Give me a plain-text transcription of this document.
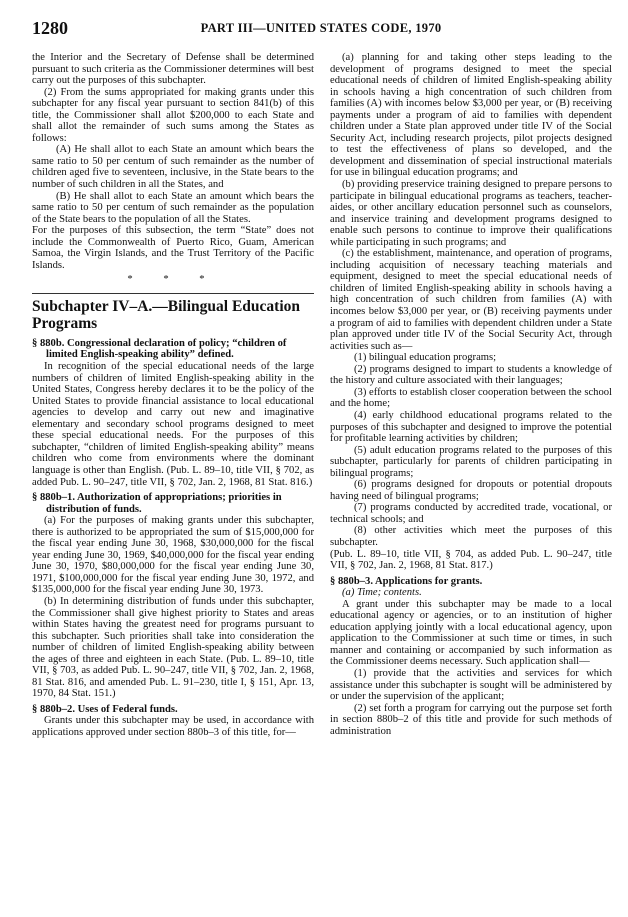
1280	PART III—UNITED STATES CODE, 1970

the Interior and the Secretary of Defense shall be determined pursuant to such criteria as the Commissioner determines will best carry out the purposes of this subchapter.

(2) From the sums appropriated for making grants under this subchapter for any fiscal year pursuant to section 841(b) of this title, the Commissioner shall allot $200,000 to each State and shall allot the remainder of such sums among the States as follows:

(A) He shall allot to each State an amount which bears the same ratio to 50 per centum of such remainder as the number of children aged five to seventeen, inclusive, in the State bears to the number of such children in all the States, and

(B) He shall allot to each State an amount which bears the same ratio to 50 per centum of such remainder as the population of the State bears to the population of all the States.

For the purposes of this subsection, the term “State” does not include the Commonwealth of Puerto Rico, Guam, American Samoa, the Virgin Islands, and the Trust Territory of the Pacific Islands.

* * *

Subchapter IV–A.—Bilingual Education Programs

§ 880b. Congressional declaration of policy; “children of limited English-speaking ability” defined.

In recognition of the special educational needs of the large numbers of children of limited English-speaking ability in the United States, Congress hereby declares it to be the policy of the United States to provide financial assistance to local educational agencies to develop and carry out new and imaginative elementary and secondary school programs designed to meet these special educational needs. For the purposes of this subchapter, “children of limited English-speaking ability” means children who come from environments where the dominant language is other than English. (Pub. L. 89–10, title VII, § 702, as added Pub. L. 90–247, title VII, § 702, Jan. 2, 1968, 81 Stat. 816.)

§ 880b–1. Authorization of appropriations; priorities in distribution of funds.

(a) For the purposes of making grants under this subchapter, there is authorized to be appropriated the sum of $15,000,000 for the fiscal year ending June 30, 1968, $30,000,000 for the fiscal year ending June 30, 1969, $40,000,000 for the fiscal year ending June 30, 1970, $80,000,000 for the fiscal year ending June 30, 1971, $100,000,000 for the fiscal year ending June 30, 1972, and $135,000,000 for the fiscal year ending June 30, 1973.

(b) In determining distribution of funds under this subchapter, the Commissioner shall give highest priority to States and areas within States having the greatest need for programs pursuant to this subchapter. Such priorities shall take into consideration the number of children of limited English-speaking ability between the ages of three and eighteen in each State. (Pub. L. 89–10, title VII, § 703, as added Pub. L. 90–247, title VII, § 702, Jan. 2, 1968, 81 Stat. 816, and amended Pub. L. 91–230, title I, § 151, Apr. 13, 1970, 84 Stat. 151.)

§ 880b–2. Uses of Federal funds.

Grants under this subchapter may be used, in accordance with applications approved under section 880b–3 of this title, for—

(a) planning for and taking other steps leading to the development of programs designed to meet the special educational needs of children of limited English-speaking ability in schools having a high concentration of such children from families (A) with incomes below $3,000 per year, or (B) receiving payments under a program of aid to families with dependent children under a State plan approved under title IV of the Social Security Act, including research projects, pilot projects designed to test the effectiveness of plans so developed, and the development and dissemination of special instructional materials for use in bilingual education programs; and

(b) providing preservice training designed to prepare persons to participate in bilingual educational programs as teachers, teacher-aides, or other ancillary education personnel such as counselors, and inservice training and development programs designed to enable such persons to continue to improve their qualifications while participating in such programs; and

(c) the establishment, maintenance, and operation of programs, including acquisition of necessary teaching materials and equipment, designed to meet the special educational needs of children of limited English-speaking ability in schools having a high concentration of such children from families (A) with incomes below $3,000 per year, or (B) receiving payments under a program of aid to families with dependent children under a State plan approved under title IV of the Social Security Act, through activities such as—

(1) bilingual education programs;

(2) programs designed to impart to students a knowledge of the history and culture associated with their languages;

(3) efforts to establish closer cooperation between the school and the home;

(4) early childhood educational programs related to the purposes of this subchapter and designed to improve the potential for profitable learning activities by children;

(5) adult education programs related to the purposes of this subchapter, particularly for parents of children participating in bilingual programs;

(6) programs designed for dropouts or potential dropouts having need of bilingual programs;

(7) programs conducted by accredited trade, vocational, or technical schools; and

(8) other activities which meet the purposes of this subchapter.

(Pub. L. 89–10, title VII, § 704, as added Pub. L. 90–247, title VII, § 702, Jan. 2, 1968, 81 Stat. 817.)

§ 880b–3. Applications for grants.

(a) Time; contents.

A grant under this subchapter may be made to a local educational agency or agencies, or to an institution of higher education applying jointly with a local educational agency, upon application to the Commissioner at such time or times, in such manner and containing or accompanied by such information as the Commissioner deems necessary. Such application shall—

(1) provide that the activities and services for which assistance under this subchapter is sought will be administered by or under the supervision of the applicant;

(2) set forth a program for carrying out the purpose set forth in section 880b–2 of this title and provide for such methods of administration
